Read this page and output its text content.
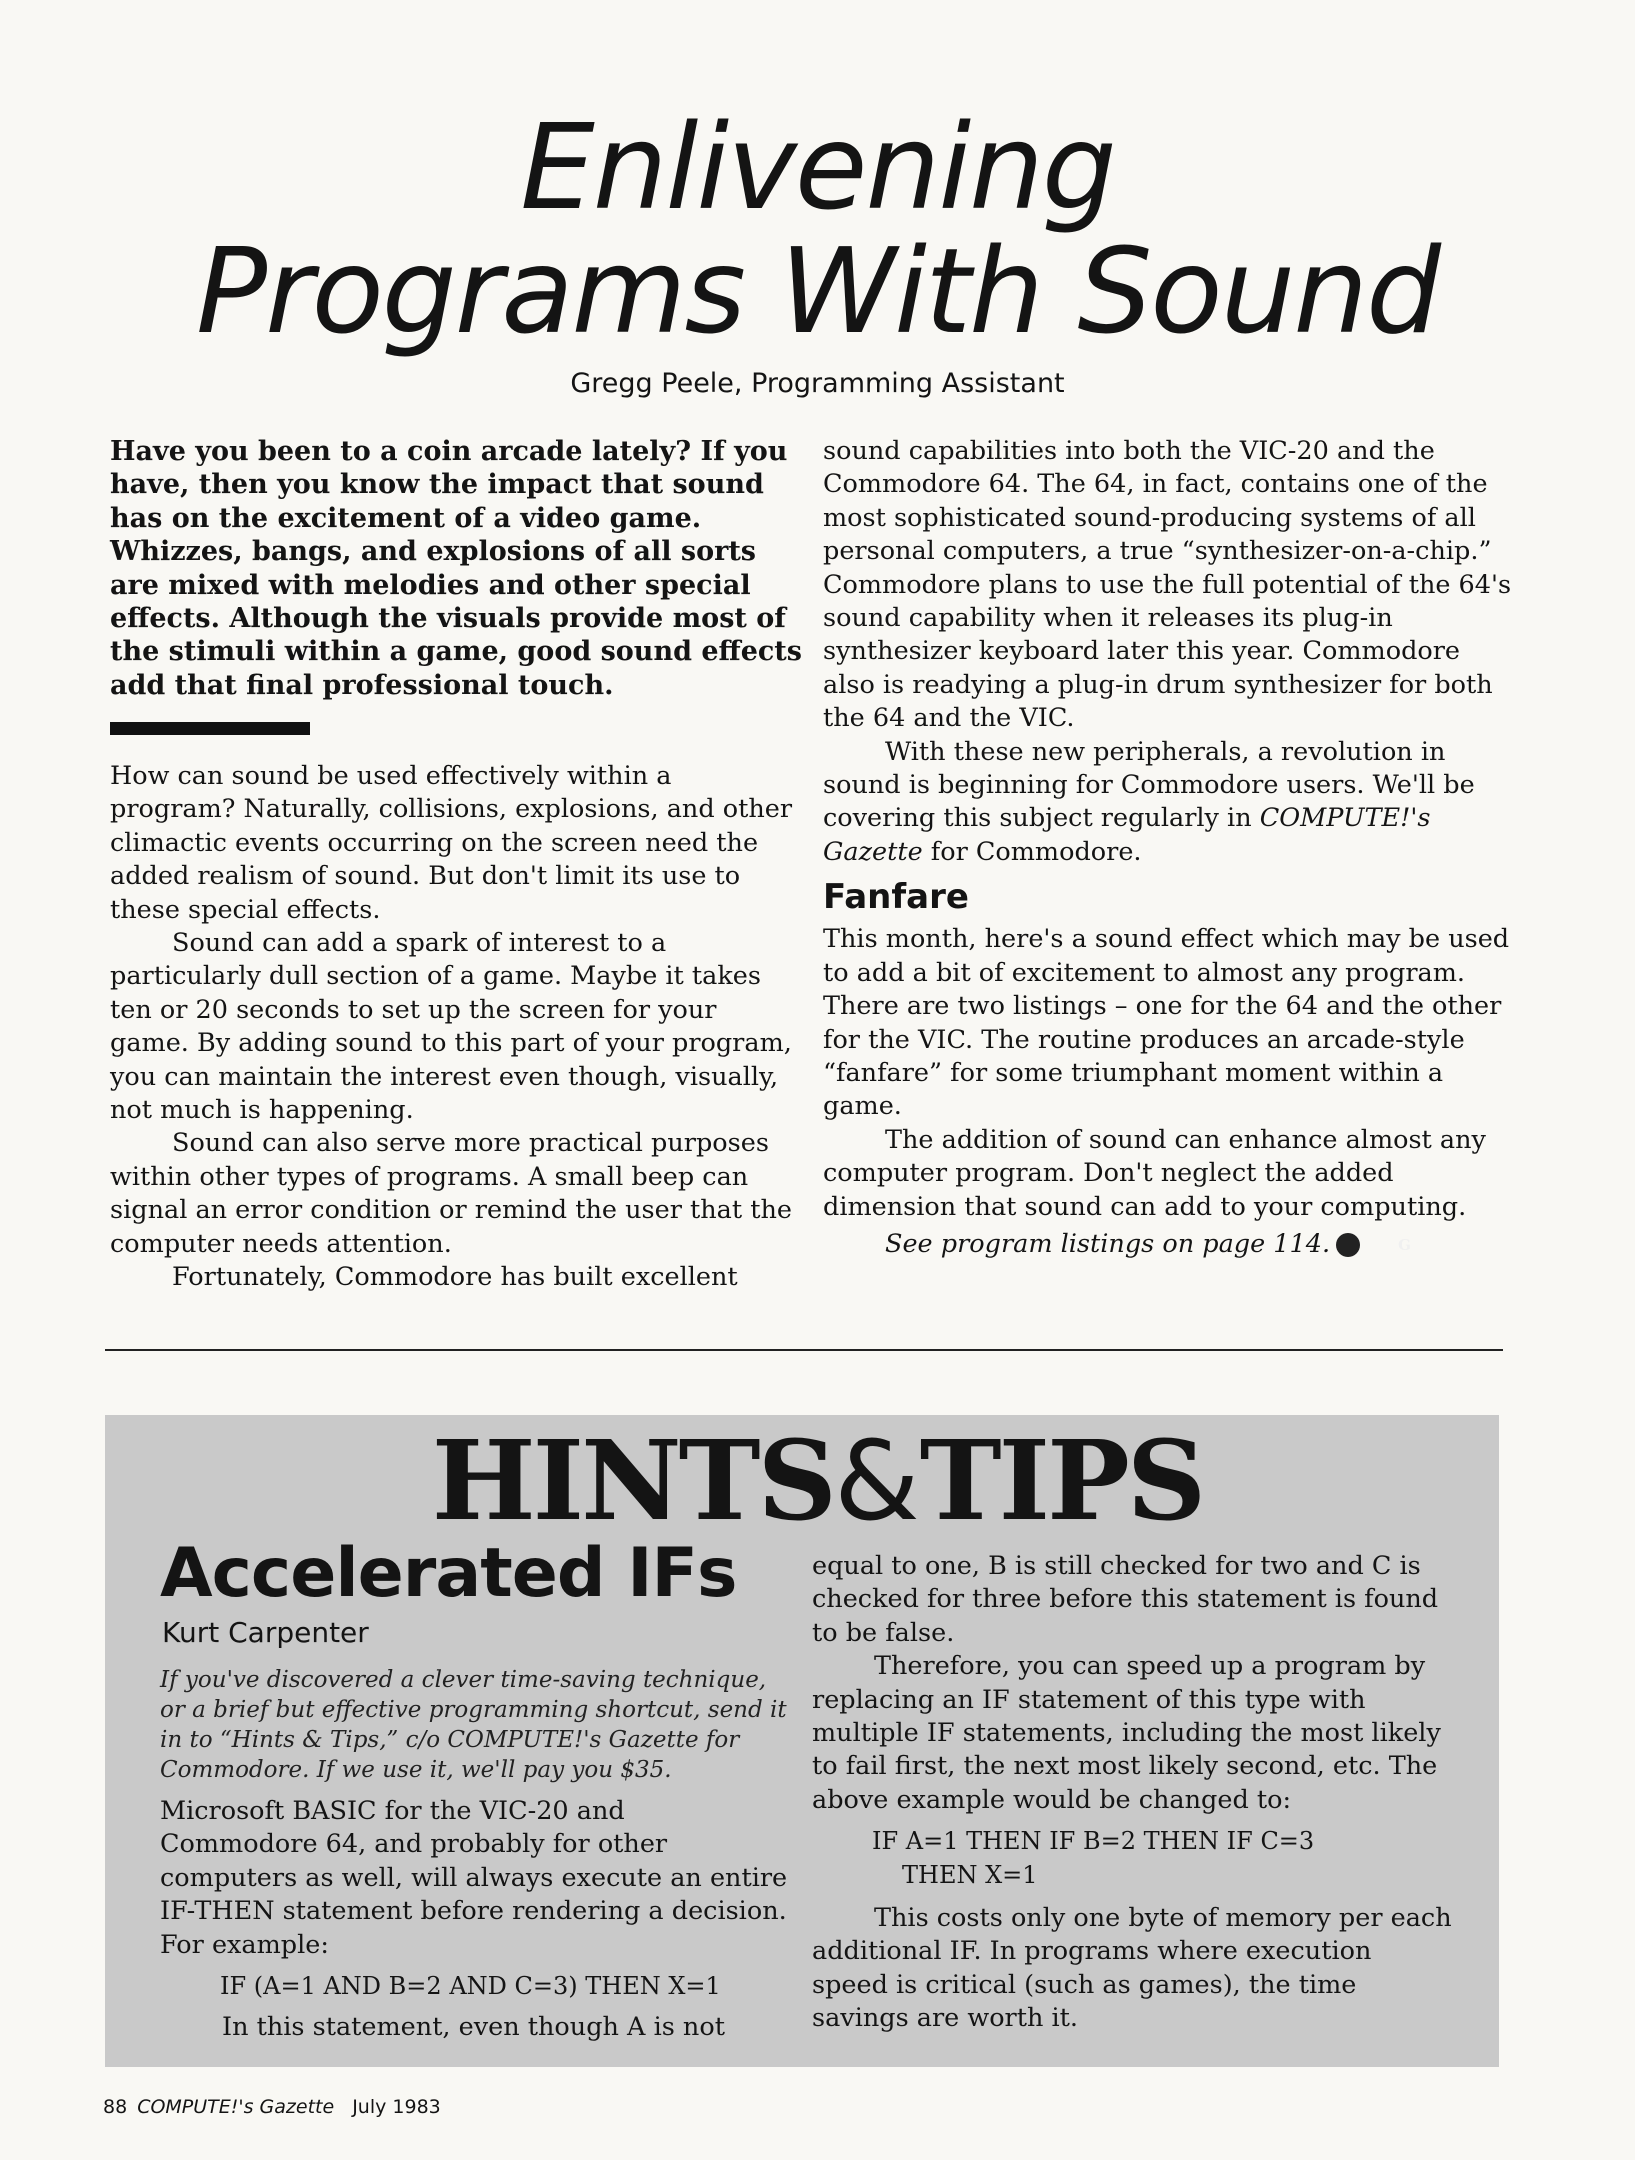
Enlivening
Programs With Sound
Gregg Peele, Programming Assistant
Have you been to a coin arcade lately? If you have, then you know the impact that sound has on the excitement of a video game. Whizzes, bangs, and explosions of all sorts are mixed with melodies and other special effects. Although the visuals provide most of the stimuli within a game, good sound effects add that final professional touch.

How can sound be used effectively within a program? Naturally, collisions, explosions, and other climactic events occurring on the screen need the added realism of sound. But don't limit its use to these special effects.

Sound can add a spark of interest to a particularly dull section of a game. Maybe it takes ten or 20 seconds to set up the screen for your game. By adding sound to this part of your program, you can maintain the interest even though, visually, not much is happening.

Sound can also serve more practical purposes within other types of programs. A small beep can signal an error condition or remind the user that the computer needs attention.

Fortunately, Commodore has built excellent

sound capabilities into both the VIC-20 and the Commodore 64. The 64, in fact, contains one of the most sophisticated sound-producing systems of all personal computers, a true “synthesizer-on-a-chip.” Commodore plans to use the full potential of the 64's sound capability when it releases its plug-in synthesizer keyboard later this year. Commodore also is readying a plug-in drum synthesizer for both the 64 and the VIC.

With these new peripherals, a revolution in sound is beginning for Commodore users. We'll be covering this subject regularly in COMPUTE!'s Gazette for Commodore.

Fanfare

This month, here's a sound effect which may be used to add a bit of excitement to almost any program. There are two listings – one for the 64 and the other for the VIC. The routine produces an arcade-style “fanfare” for some triumphant moment within a game.

The addition of sound can enhance almost any computer program. Don't neglect the added dimension that sound can add to your computing.

See program listings on page 114.	G

HINTS&TIPS
Accelerated IFs
Kurt Carpenter

If you've discovered a clever time-saving technique, or a brief but effective programming shortcut, send it in to “Hints & Tips,” c/o COMPUTE!'s Gazette for Commodore. If we use it, we'll pay you $35.

Microsoft BASIC for the VIC-20 and Commodore 64, and probably for other computers as well, will always execute an entire IF-THEN statement before rendering a decision. For example:

IF (A=1 AND B=2 AND C=3) THEN X=1

In this statement, even though A is not

equal to one, B is still checked for two and C is checked for three before this statement is found to be false.

Therefore, you can speed up a program by replacing an IF statement of this type with multiple IF statements, including the most likely to fail first, the next most likely second, etc. The above example would be changed to:

IF A=1 THEN IF B=2 THEN IF C=3

THEN X=1

This costs only one byte of memory per each additional IF. In programs where execution speed is critical (such as games), the time savings are worth it.

88 COMPUTE!'s Gazette July 1983
